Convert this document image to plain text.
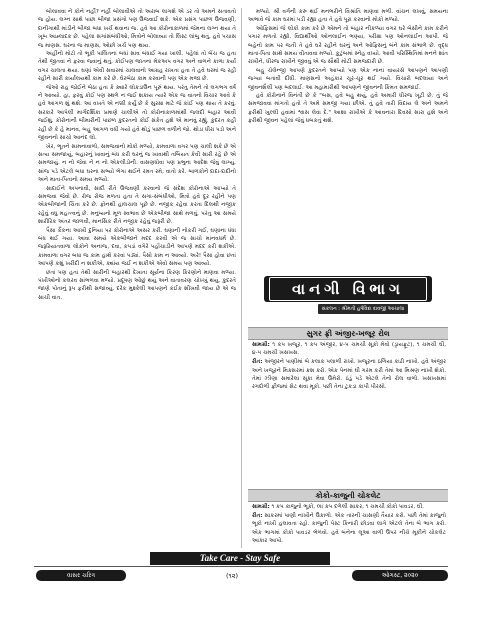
બોલાવવા ને કોને નહીં? નહીં બોલાવીએ તો અરાબ લાગશે એ ડર તો અમને સતાવતો જ હોય. લગ્ન સાથે પાછા બીજા પ્રસંગો પણ ઉજવાઈ શકે. એક પ્રસંગ પાછળ ઉજવણી, દાનીગાથી માંડીને બીજા બધા ખર્ચ થવાના જ. હવે આ કોરોનાકાળમાં જેમના લગ્ન થયા તે ખૂબ આહ્લાદક છે. પહેલા સગાંસંબંધીઓ, મિત્રોને બોલાવ્યા તો લિસ્ટ લાંબુ થતું, હવે પચાસ જ માણસ. ઘરના જ માણસ, ઓછો ખર્ચ પણ થાય.

અહીંનો મોટો તો ભૂકી પાલિતના બધાં સાવ બંધાઈ ગયા ખાલી. પહેલાં તો બેંચ જ હતા તેથી જીતવા ને ફરવા જવાનું થતું. કોઈપણ જાતના મેકઅપ વગર અને વાળને કાળા કર્યા વગર ચાલતા થયા. ઘણાં એવી સવારમાં ચાલવાનો આગ્રહ રાખતા હતા તે હવે ઘરમાં જ રહી રહીને સારી કાર્યાલયથી કામ કરે છે. ઘેરબેઠા કામ કરવાની પણ એક મજા છે.

જેઓ રાહ જોઈને બેઠા હતા કે ક્યારે લોકડાઉન પૂરું થાય. પરંતુ તેમને તો લગભગ વર્ષ ને આવ્યો. હા, ફરવું કોઈ પણ સ્થળે ન જઈ શકાય ત્યારે એક જ વાતનો વિચાર આવે કે હવે આગળ શું થશે. આ વખતે એ નક્કી કર્યું છે કે સુરક્ષા માટે જે કાંઈ પણ થાય તે કરવું. સરકારે આપેલી માર્ગદર્શિકા પ્રમાણે ચાલીએ તો કોરોનાકાળમાંથી જલદી બહાર આવી જઈશું. કોરોનાની બીમારીની પાછળ કુદરતનો કોઈ સંકેત હશે એ માનવું રહ્યું. કુદરત કહી રહી છે કે હે માનવ, બહુ આગળ વધી ગયો હવે થોડું પાછળ વળીને જો. થોડા ધીરા પડો અને જીવનનો સાચો આનંદ લો.

ખેર, ભૂતને સામનાવાળો, સમજવાનો મોકો મળ્યો, કામવાળા વગર પણ ચાલી શકે છે એ સત્ય સમજાયું, બહારનું ખાવાનું બંધ કરી ઘરનું જ ખાવાથી તબિયત કેવી સારી રહે છે એ સમજાયું. ન નો જેવા ને ન નો એકલીડોની. વાસણધોવા પણ પ્રભુના આદેશ જેવું લાગ્યું. સાંજ પડે એટલે બધા ઘરના સભ્યો ભેગા થઈને રમત રમે, વાતો કરે. બાળકોને દાદા-દાદીનો અને માતા-પિતાનો સમય મળ્યો.

સાદાઈને અપનાવી, સાદી રીતે ઉજવણી કરવાનો જે સંદેશ કોરોનાએ આપ્યો તે સમજવા જેવો છે. રોજ રોજ મળતા હતા તે સગા-સંબંધીઓ, મિત્રો હવે દૂર રહીને પણ એકબીજાની ચિંતા કરે છે. ફોનથી હાલચાલ પૂછે છે. નજીક રહેવા કરતા દિલથી નજીક રહેવું વધુ મહત્ત્વનું છે. મનુષ્યનો મૂળ સ્વભાવ છે એકબીજા સાથે મળવું, પરંતુ આ સમયે શારીરિક અંતર જાળવી, માનસિક રીતે નજીક રહેવું જરૂરી છે.

પૈસા કૈંકના આખી દુનિયા પર કોરોનાએ અસર કરી. ઘણાની નોકરી ગઈ, ઘણાના ધંધા બંધ થઈ ગયા. આવા સમયે એકબીજાને મદદ કરવી એ જ સાચો માનવધર્મ છે. જરૂરિયાતવાળા લોકોને અનાજ, દવા, કપડાં વગેરે પહોંચાડીને આપણે મદદ કરી શકીએ. કામવાળા વગર બધા જ કામ હાથે કરવાં પડ્યાં. પૈસો કામ ન આવ્યો. અરે! પૈસા હોવા છતાં આપણે કશું ખરીદી ન શકીએ, ક્યાંય જઈ ન શકીએ એવો સમય પણ આવ્યો.

છતાં પણ હતા તેથી સારીની બહારથી દેખાતા સૂર્યના કિરણ કિરણોને માણવા મળ્યા. પંખીઓનો કલરવ સાંભળવા મળ્યો. પ્રદૂષણ ઓછું થયું અને વાતાવરણ ચોખ્ખું થયું. કુદરતે જાણે પોતાનું રૂપ ફરીથી સજાવ્યું. દરેક મુશ્કેલી આપણને કંઈક શીખવી જાય છે એ જ સાચી વાત.

મળ્યો. શ્રી વર્ગની કરુ થઈ મનભરીને વિશ્રાંતિ માણવા મળી. વાંચન લખવું, સમયના અભાવે જે કામ ઘરમાં પડી રહ્યા હતા તે હવે પૂરા કરવાનો મોકો મળ્યો.

ઓફિસમાં જે લોકો કામ કરે છે એમને તો બહાર નીકળ્યા વગર ઘરે બેસીને કામ કરીને પગાર મળતો રહ્યો. વિદ્યાર્થીઓ ઓનલાઈન ભણ્યા, પરીક્ષા પણ ઓનલાઈન આપી. જે બહેનો કામ પર જતી તે હવે ઘરે રહીને ઘરનું અને ઓફિસનું બંને કામ સંભાળે છે. વૃદ્ધ માતા-પિતા સાથે સમય વીતાવવા મળ્યો. કુટુંબમાં સ્નેહ વધ્યો. આવી પરિસ્થિતિમાં મનને શાંત રાખીને, ધીરજ રાખીને જીવવું એ જ સૌથી મોટી સમજદારી છે.

બહુ ચેલેન્જી આપણે કુદરતને આપ્યો પણ એક નાના વાયરસે આપણને આપણી જગ્યા બતાવી દીધી. માણસનો અહંકાર ચૂર-ચૂર થઈ ગયો. વિચારો બદલાયા અને જીવનશૈલી પણ બદલાઈ. આ મહામારીથી આપણને જીવનની કિંમત સમજાઈ.

હવે કોરોનાને વિનંતી છે કે "બસ, હવે બહુ થયું, હવે અમારી ધીરજ ખૂટી છે. તું જે સમજાવવા માંગતો હતો તે અમે સમજી ગયા છીએ. તું હવે તારી વિદાય લે અને અમને ફરીથી ખુલ્લી હવામાં શ્વાસ લેવા દે." આશા રાખીએ કે આવનારા દિવસો સારા હશે અને ફરીથી જીવન પહેલાં જેવું ધબકતું થશે.

વાનગી વિભાગ
સંકલન : શ્રીમતી હર્ષવિદા દાવજી આચાલા
સુગર ફ્રી અંજીર-ખજૂર રોલ

સામગ્રી: ૧ કપ ખજૂર, ૧ કપ અંજીર, ૪-૫ ચમચી સૂકો મેવો (ડ્રાયફ્રૂટ), ૧ ચમચી ઘી, ૪-૫ ચમચી ખસખસ.

રીત: અંજીરને પાણીમાં બે કલાક પલાળી રાખો. ખજૂરના ઠળિયા કાઢી નાખો. હવે અંજીર અને ખજૂરને મિક્સરમાં ક્રશ કરો. એક પેનમાં ઘી ગરમ કરી તેમાં આ મિશ્રણ નાખી શેકો. તેમાં ઝીણા સમારેલા સૂકા મેવા ઉમેરો. ઠંડું પડે એટલે તેનો રોલ વાળો. ખસખસમાં રગદોળી ફ્રીજમાં સેટ થવા મૂકો. પછી તેના ટુકડા કાપી પીરસો.

કોકો-કાજુની ચોકલેટ

સામગ્રી: ૧ કપ કાજુનો ભૂકો, ૦।। કપ દળેલી સાકર, ૧ ચમચી કોકો પાવડર, ઘી.

રીત: સાકરમાં પાણી નાખીને ઉકાળો. એક તારની ચાસણી તૈયાર કરો. પછી તેમાં કાજુનો ભૂકો નાખી હલાવતા રહો. કાજુની પેસ્ટ કિનારી છોડવા લાગે એટલે તેના બે ભાગ કરો. એક ભાગમાં કોકો પાવડર ભેળવો. હવે બંનેના લૂઆ વાળી ઉપર નીચે મૂકીને ચોકલેટ આકાર આપો.

Take Care - Stay Safe
વાસર ચરિત્ર	(૧૨)	ઓગસ્ટ, ૨૦૨૦
